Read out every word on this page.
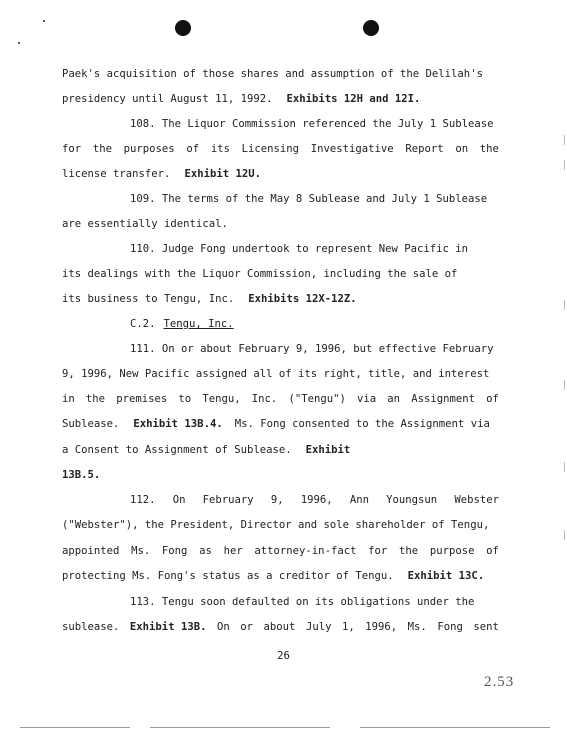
Paek's acquisition of those shares and assumption of the Delilah's
presidency until August 11, 1992. Exhibits 12H and 12I.
108. The Liquor Commission referenced the July 1 Sublease
for the purposes of its Licensing Investigative Report on the
license transfer. Exhibit 12U.
109. The terms of the May 8 Sublease and July 1 Sublease
are essentially identical.
110. Judge Fong undertook to represent New Pacific in
its dealings with the Liquor Commission, including the sale of
its business to Tengu, Inc. Exhibits 12X-12Z.
C.2. Tengu, Inc.
111. On or about February 9, 1996, but effective February
9, 1996, New Pacific assigned all of its right, title, and interest
in the premises to Tengu, Inc. ("Tengu") via an Assignment of
Sublease. Exhibit 13B.4. Ms. Fong consented to the Assignment via
a Consent to Assignment of Sublease. Exhibit
13B.5.
112. On February 9, 1996, Ann Youngsun Webster
("Webster"), the President, Director and sole shareholder of Tengu,
appointed Ms. Fong as her attorney-in-fact for the purpose of
protecting Ms. Fong's status as a creditor of Tengu. Exhibit 13C.
113. Tengu soon defaulted on its obligations under the
sublease. Exhibit 13B. On or about July 1, 1996, Ms. Fong sent
26
2.53
